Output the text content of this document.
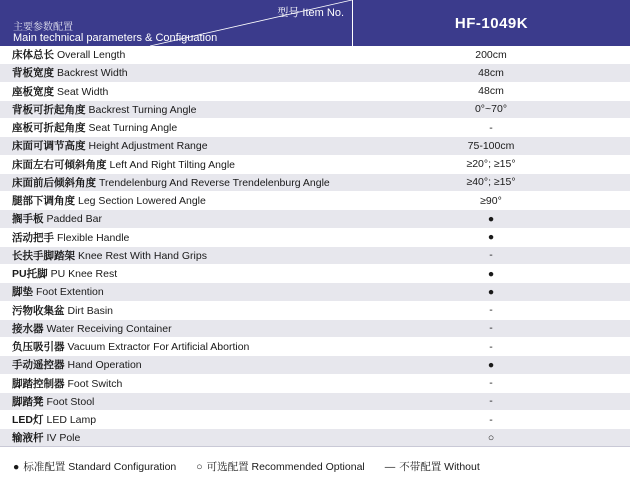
型号 Item No.
主要参数配置
Main technical parameters & Configuation
HF-1049K
床体总长 Overall Length	200cm
背板宽度 Backrest Width	48cm
座板宽度 Seat Width	48cm
背板可折起角度 Backrest Turning Angle	0°~70°
座板可折起角度 Seat Turning Angle	-
床面可调节高度 Height Adjustment Range	75-100cm
床面左右可倾斜角度 Left And Right Tilting Angle	≥20°; ≥15°
床面前后倾斜角度 Trendelenburg And Reverse Trendelenburg Angle	≥40°; ≥15°
腿部下调角度 Leg Section Lowered Angle	≥90°
搁手板 Padded Bar	●
活动把手 Flexible Handle	●
长扶手脚踏架 Knee Rest With Hand Grips	-
PU托脚 PU Knee Rest	●
脚垫 Foot Extention	●
污物收集盆 Dirt Basin	-
接水器 Water Receiving Container	-
负压吸引器 Vacuum Extractor For Artificial Abortion	-
手动遥控器 Hand Operation	●
脚踏控制器 Foot Switch	-
脚踏凳 Foot Stool	-
LED灯 LED Lamp	-
输液杆 IV Pole	○
● 标准配置 Standard Configuration ○ 可选配置 Recommended Optional — 不带配置 Without
